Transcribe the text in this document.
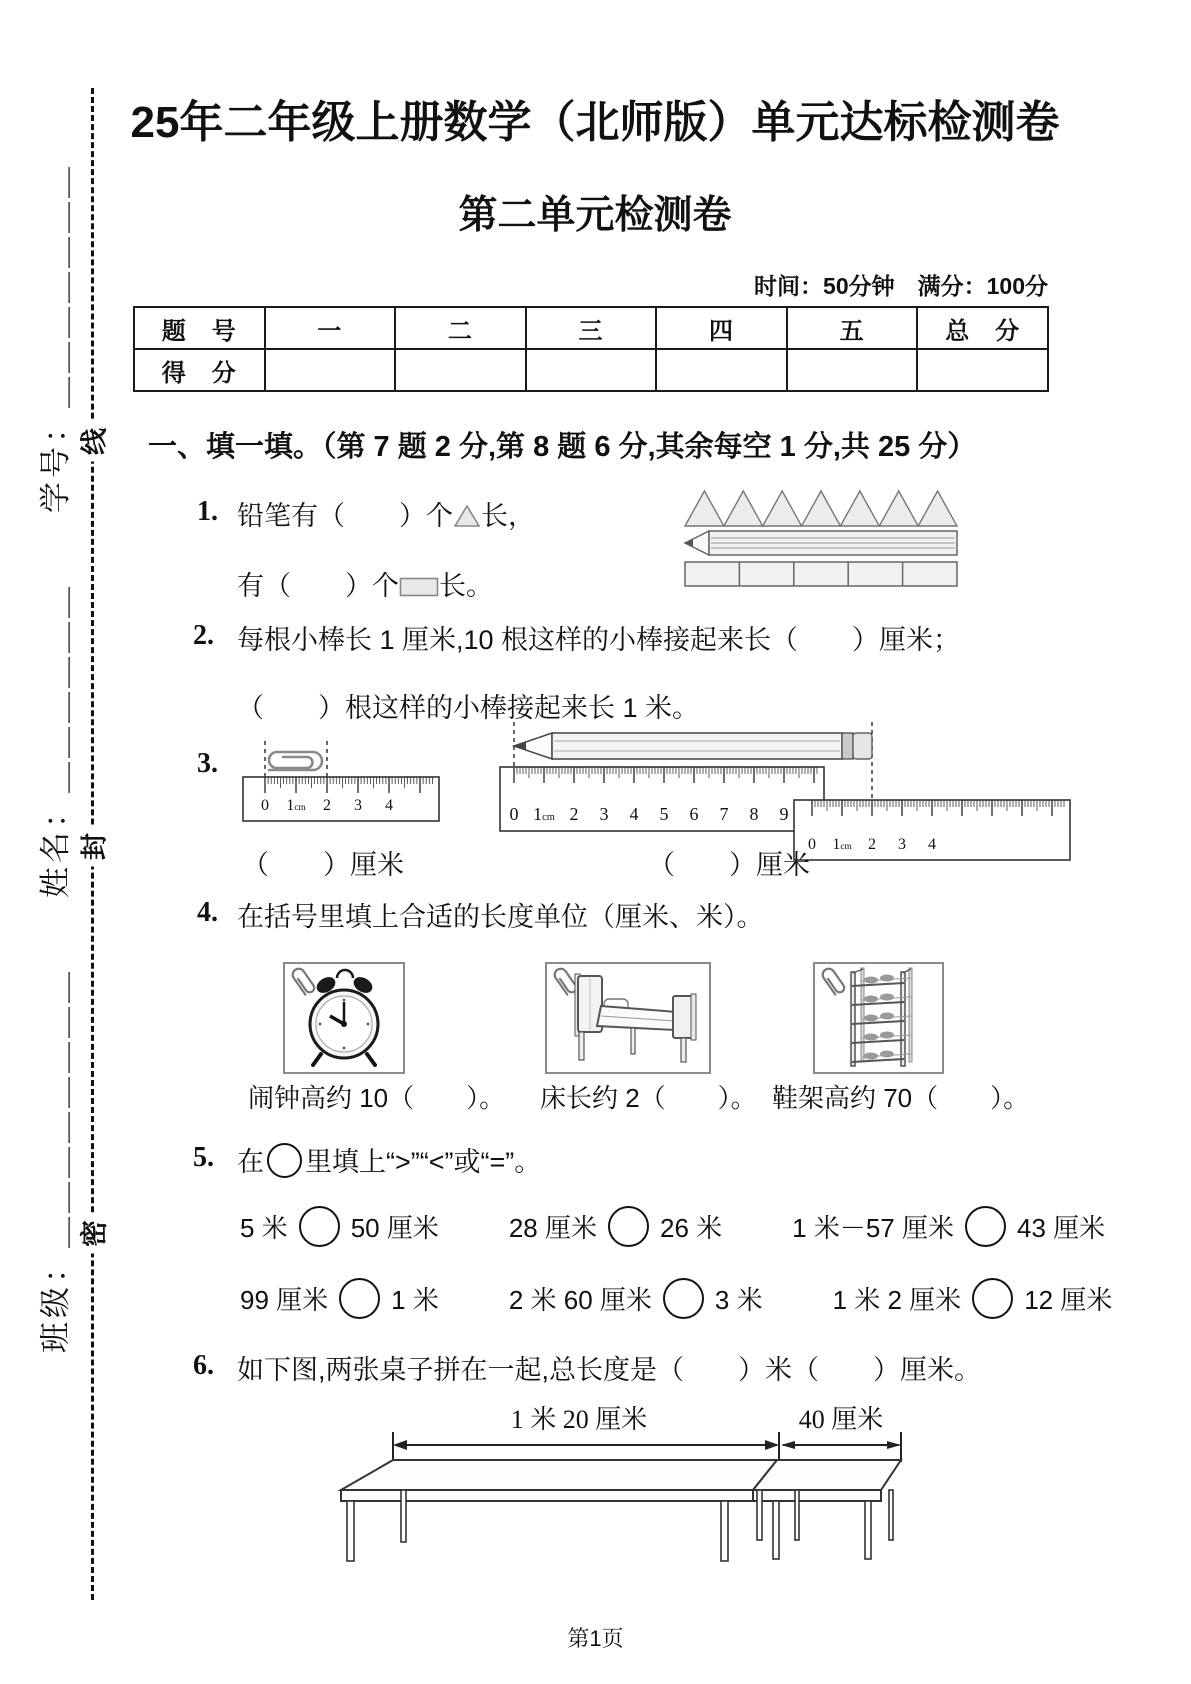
线
封
密
班级：＿＿＿＿＿＿＿＿　　姓名：＿＿＿＿＿＿　　学号：＿＿＿＿＿＿＿
25年二年级上册数学（北师版）单元达标检测卷
第二单元检测卷
时间：50分钟　满分：100分
题　号	一	二	三	四	五	总　分
得　分						
一、填一填。（第 7 题 2 分,第 8 题 6 分,其余每空 1 分,共 25 分）
1. 铅笔有（　　）个 长，
有（　　）个 长。
2. 每根小棒长 1 厘米,10 根这样的小棒接起来长（　　）厘米；
（　　）根这样的小棒接起来长 1 米。
3.
0 1cm 2 3 4	0 1cm 2 3 4 5 6 7 8 9
0 1cm 2 3 4
（　　）厘米	（　　）厘米
4. 在括号里填上合适的长度单位（厘米、米）。
闹钟高约 10（　　）。 床长约 2（　　）。 鞋架高约 70（　　）。
5. 在 里填上“>”“<”或“=”。
5 米 50 厘米	28 厘米 26 米	1 米－57 厘米 43 厘米
99 厘米 1 米	2 米 60 厘米 3 米	1 米 2 厘米 12 厘米
6. 如下图,两张桌子拼在一起,总长度是（　　）米（　　）厘米。
1 米 20 厘米	40 厘米
第1页
